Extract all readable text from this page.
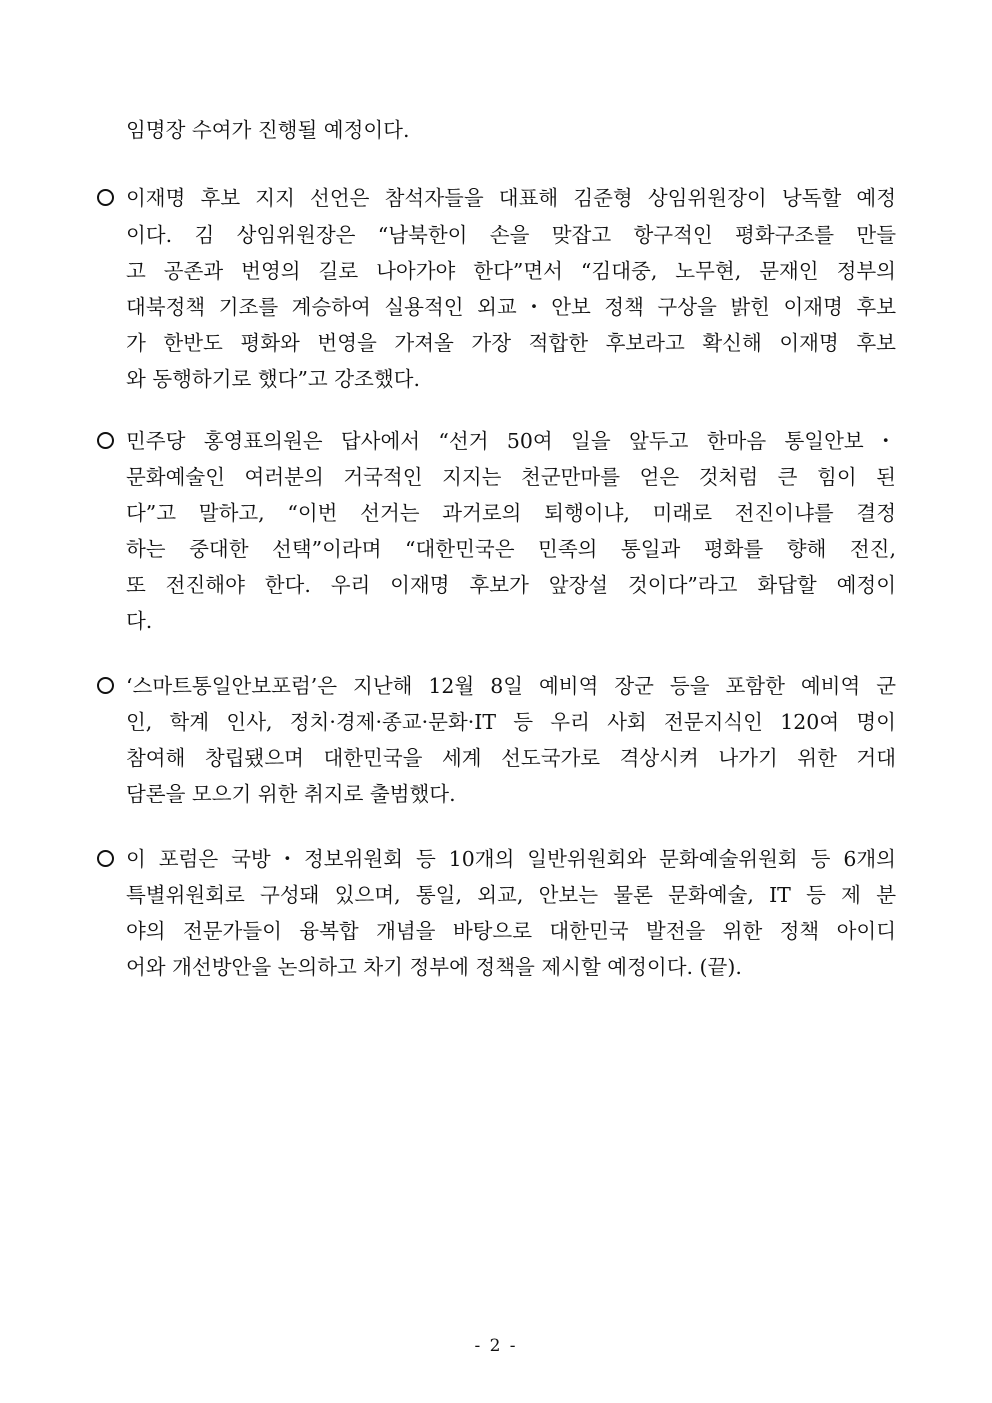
임명장 수여가 진행될 예정이다.
이재명 후보 지지 선언은 참석자들을 대표해 김준형 상임위원장이 낭독할 예정
이다. 김 상임위원장은 “남북한이 손을 맞잡고 항구적인 평화구조를 만들
고 공존과 번영의 길로 나아가야 한다”면서 “김대중, 노무현, 문재인 정부의
대북정책 기조를 계승하여 실용적인 외교・안보 정책 구상을 밝힌 이재명 후보
가 한반도 평화와 번영을 가져올 가장 적합한 후보라고 확신해 이재명 후보
와 동행하기로 했다”고 강조했다.
민주당 홍영표의원은 답사에서 “선거 50여 일을 앞두고 한마음 통일안보・
문화예술인 여러분의 거국적인 지지는 천군만마를 얻은 것처럼 큰 힘이 된
다”고 말하고, “이번 선거는 과거로의 퇴행이냐, 미래로 전진이냐를 결정
하는 중대한 선택”이라며 “대한민국은 민족의 통일과 평화를 향해 전진,
또 전진해야 한다. 우리 이재명 후보가 앞장설 것이다”라고 화답할 예정이
다.
‘스마트통일안보포럼’은 지난해 12월 8일 예비역 장군 등을 포함한 예비역 군
인, 학계 인사, 정치·경제·종교·문화·IT 등 우리 사회 전문지식인 120여 명이
참여해 창립됐으며 대한민국을 세계 선도국가로 격상시켜 나가기 위한 거대
담론을 모으기 위한 취지로 출범했다.
이 포럼은 국방・정보위원회 등 10개의 일반위원회와 문화예술위원회 등 6개의
특별위원회로 구성돼 있으며, 통일, 외교, 안보는 물론 문화예술, IT 등 제 분
야의 전문가들이 융복합 개념을 바탕으로 대한민국 발전을 위한 정책 아이디
어와 개선방안을 논의하고 차기 정부에 정책을 제시할 예정이다. (끝).
- 2 -
